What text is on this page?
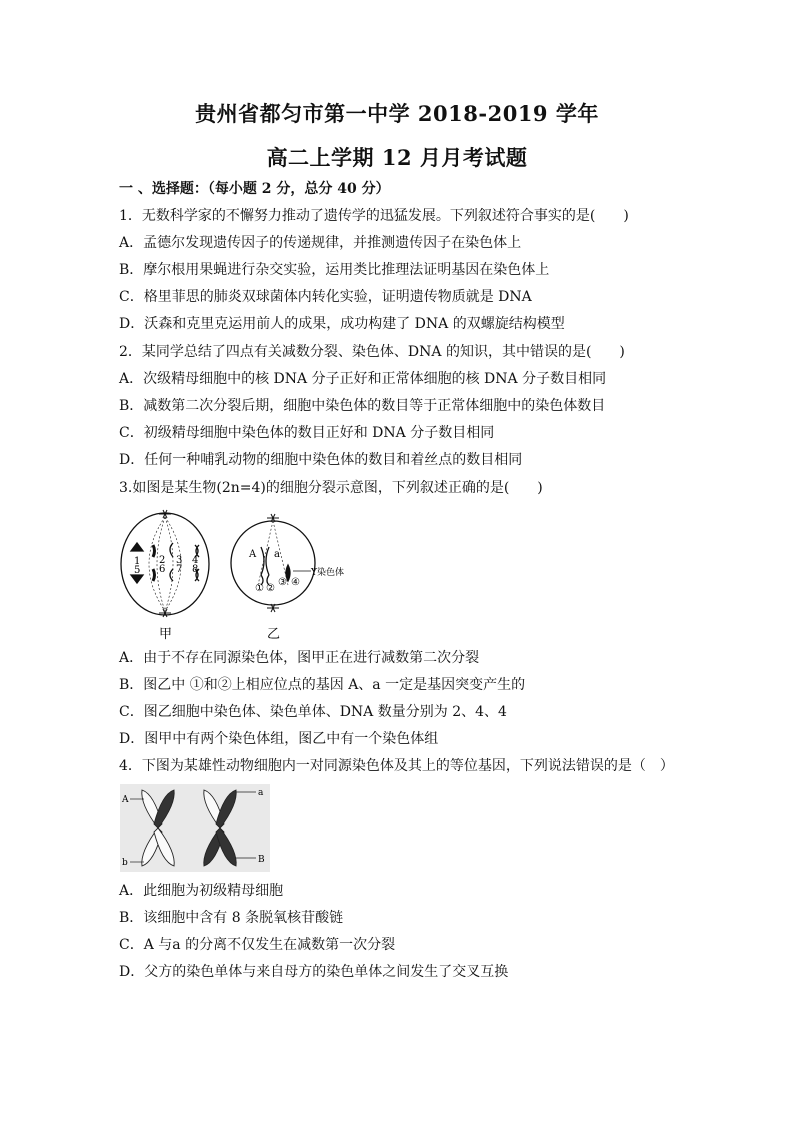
贵州省都匀市第一中学 2018-2019 学年
高二上学期 12 月月考试题
一 、选择题：（每小题 2 分，总分 40 分）
1．无数科学家的不懈努力推动了遗传学的迅猛发展。下列叙述符合事实的是(　　)
A．孟德尔发现遗传因子的传递规律，并推测遗传因子在染色体上
B．摩尔根用果蝇进行杂交实验，运用类比推理法证明基因在染色体上
C．格里菲思的肺炎双球菌体内转化实验，证明遗传物质就是 DNA
D．沃森和克里克运用前人的成果，成功构建了 DNA 的双螺旋结构模型
2．某同学总结了四点有关减数分裂、染色体、DNA 的知识，其中错误的是(　　)
A．次级精母细胞中的核 DNA 分子正好和正常体细胞的核 DNA 分子数目相同
B．减数第二次分裂后期，细胞中染色体的数目等于正常体细胞中的染色体数目
C．初级精母细胞中染色体的数目正好和 DNA 分子数目相同
D．任何一种哺乳动物的细胞中染色体的数目和着丝点的数目相同
3.如图是某生物(2n=4)的细胞分裂示意图，下列叙述正确的是(　　)
1
5
2
6
3
7
4
8
甲
A a
① ②
③ ④
Y染色体
乙
A．由于不存在同源染色体，图甲正在进行减数第二次分裂
B．图乙中 ①和②上相应位点的基因 A、a 一定是基因突变产生的
C．图乙细胞中染色体、染色单体、DNA 数量分别为 2、4、4
D．图甲中有两个染色体组，图乙中有一个染色体组
4．下图为某雄性动物细胞内一对同源染色体及其上的等位基因，下列说法错误的是（　）
A
a
b	B
A．此细胞为初级精母细胞
B．该细胞中含有 8 条脱氧核苷酸链
C．A 与a 的分离不仅发生在减数第一次分裂
D．父方的染色单体与来自母方的染色单体之间发生了交叉互换
